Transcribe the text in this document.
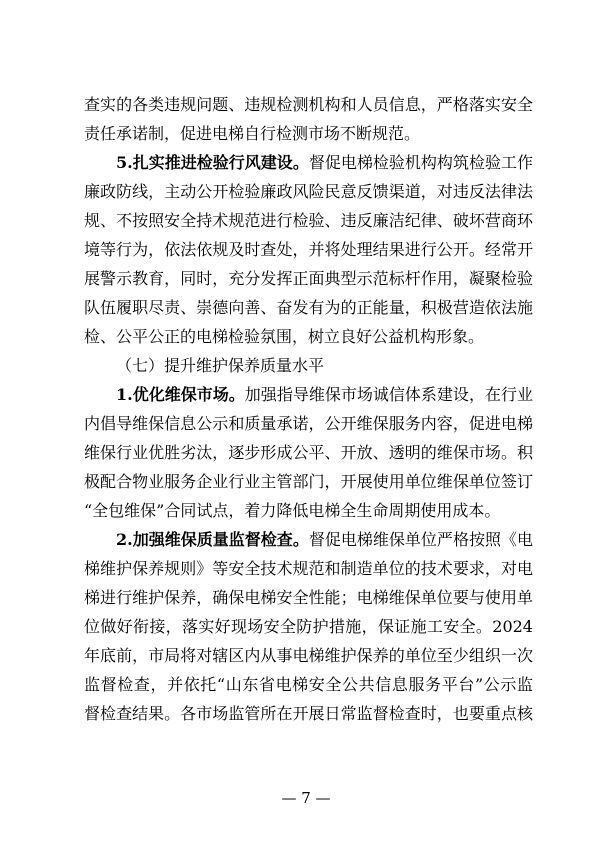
查实的各类违规问题、违规检测机构和人员信息，严格落实安全
责任承诺制，促进电梯自行检测市场不断规范。
5.扎实推进检验行风建设。督促电梯检验机构构筑检验工作
廉政防线，主动公开检验廉政风险民意反馈渠道，对违反法律法
规、不按照安全持术规范进行检验、违反廉洁纪律、破坏营商环
境等行为，依法依规及时查处，并将处理结果进行公开。经常开
展警示教育，同时，充分发挥正面典型示范标杆作用，凝聚检验
队伍履职尽责、崇德向善、奋发有为的正能量，积极营造依法施
检、公平公正的电梯检验氛围，树立良好公益机构形象。
（七）提升维护保养质量水平
1.优化维保市场。加强指导维保市场诚信体系建设，在行业
内倡导维保信息公示和质量承诺，公开维保服务内容，促进电梯
维保行业优胜劣汰，逐步形成公平、开放、透明的维保市场。积
极配合物业服务企业行业主管部门，开展使用单位维保单位签订
“全包维保”合同试点，着力降低电梯全生命周期使用成本。
2.加强维保质量监督检查。督促电梯维保单位严格按照《电
梯维护保养规则》等安全技术规范和制造单位的技术要求，对电
梯进行维护保养，确保电梯安全性能；电梯维保单位要与使用单
位做好衔接，落实好现场安全防护措施，保证施工安全。2024
年底前，市局将对辖区内从事电梯维护保养的单位至少组织一次
监督检查，并依托“山东省电梯安全公共信息服务平台”公示监
督检查结果。各市场监管所在开展日常监督检查时，也要重点核
— 7 —
